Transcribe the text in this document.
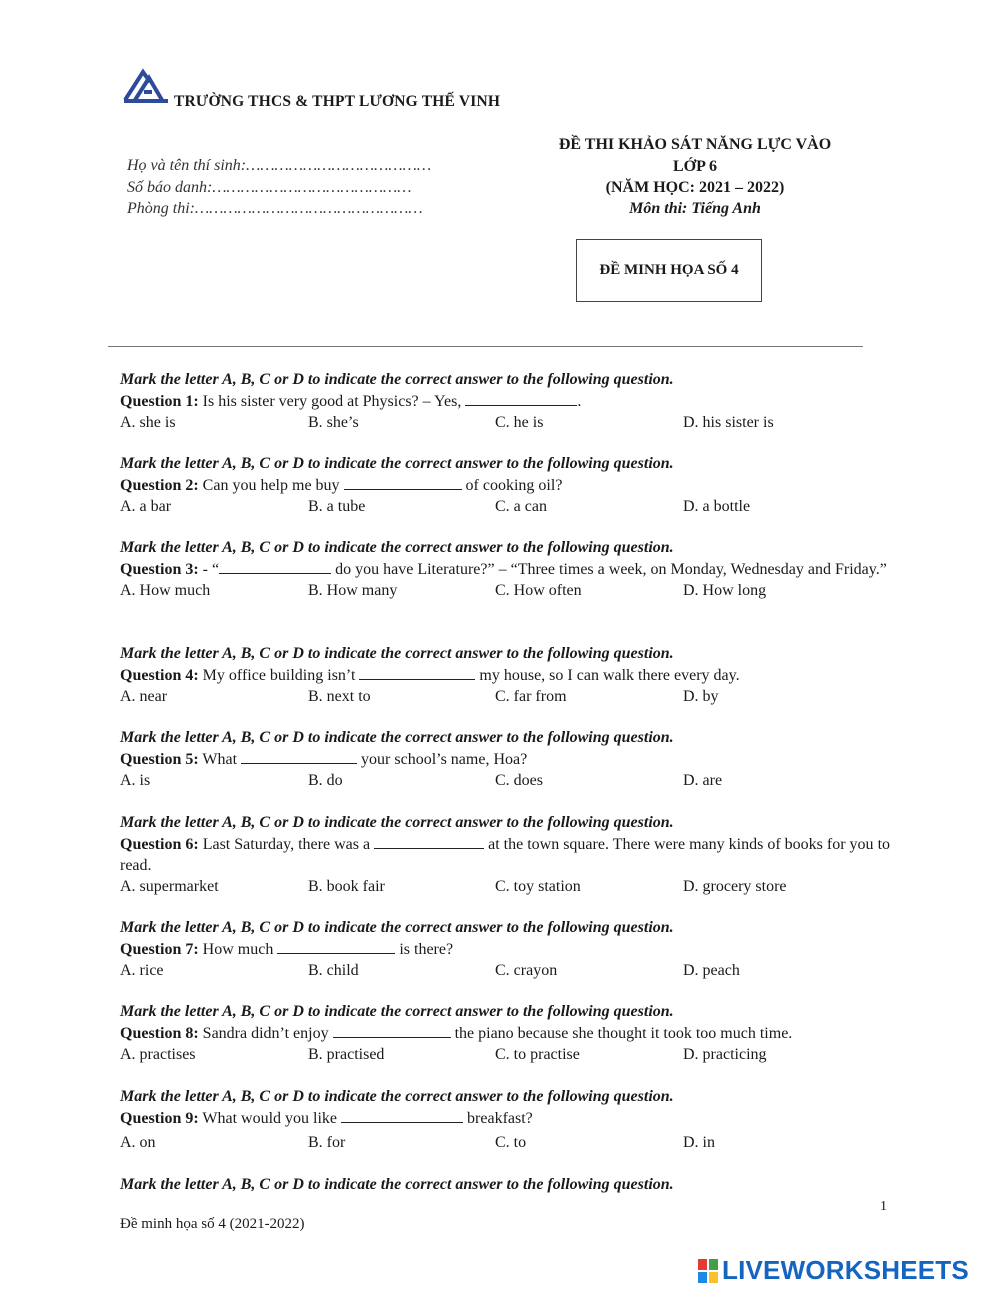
TRƯỜNG THCS & THPT LƯƠNG THẾ VINH
Họ và tên thí sinh:…………………………………
Số báo danh:……………………………………
Phòng thi:…………………………………………
ĐỀ THI KHẢO SÁT NĂNG LỰC VÀO
LỚP 6
(NĂM HỌC: 2021 – 2022)
Môn thi: Tiếng Anh
ĐỀ MINH HỌA SỐ 4
Mark the letter A, B, C or D to indicate the correct answer to the following question.
Question 1: Is his sister very good at Physics? – Yes,	.
A. she is	B. she’s	C. he is	D. his sister is
Mark the letter A, B, C or D to indicate the correct answer to the following question.
Question 2: Can you help me buy	of cooking oil?
A. a bar	B. a tube	C. a can	D. a bottle
Mark the letter A, B, C or D to indicate the correct answer to the following question.
Question 3: - “	do you have Literature?” – “Three times a week, on Monday, Wednesday and Friday.”
A. How much	B. How many	C. How often	D. How long
Mark the letter A, B, C or D to indicate the correct answer to the following question.
Question 4: My office building isn’t	my house, so I can walk there every day.
A. near	B. next to	C. far from	D. by
Mark the letter A, B, C or D to indicate the correct answer to the following question.
Question 5: What	your school’s name, Hoa?
A. is	B. do	C. does	D. are
Mark the letter A, B, C or D to indicate the correct answer to the following question.
Question 6: Last Saturday, there was a	at the town square. There were many kinds of books for you to read.
A. supermarket	B. book fair	C. toy station	D. grocery store
Mark the letter A, B, C or D to indicate the correct answer to the following question.
Question 7: How much	is there?
A. rice	B. child	C. crayon	D. peach
Mark the letter A, B, C or D to indicate the correct answer to the following question.
Question 8: Sandra didn’t enjoy	the piano because she thought it took too much time.
A. practises	B. practised	C. to practise	D. practicing
Mark the letter A, B, C or D to indicate the correct answer to the following question.
Question 9: What would you like	breakfast?
A. on	B. for	C. to	D. in
Mark the letter A, B, C or D to indicate the correct answer to the following question.
1
Đề minh họa số 4 (2021-2022)
LIVEWORKSHEETS
